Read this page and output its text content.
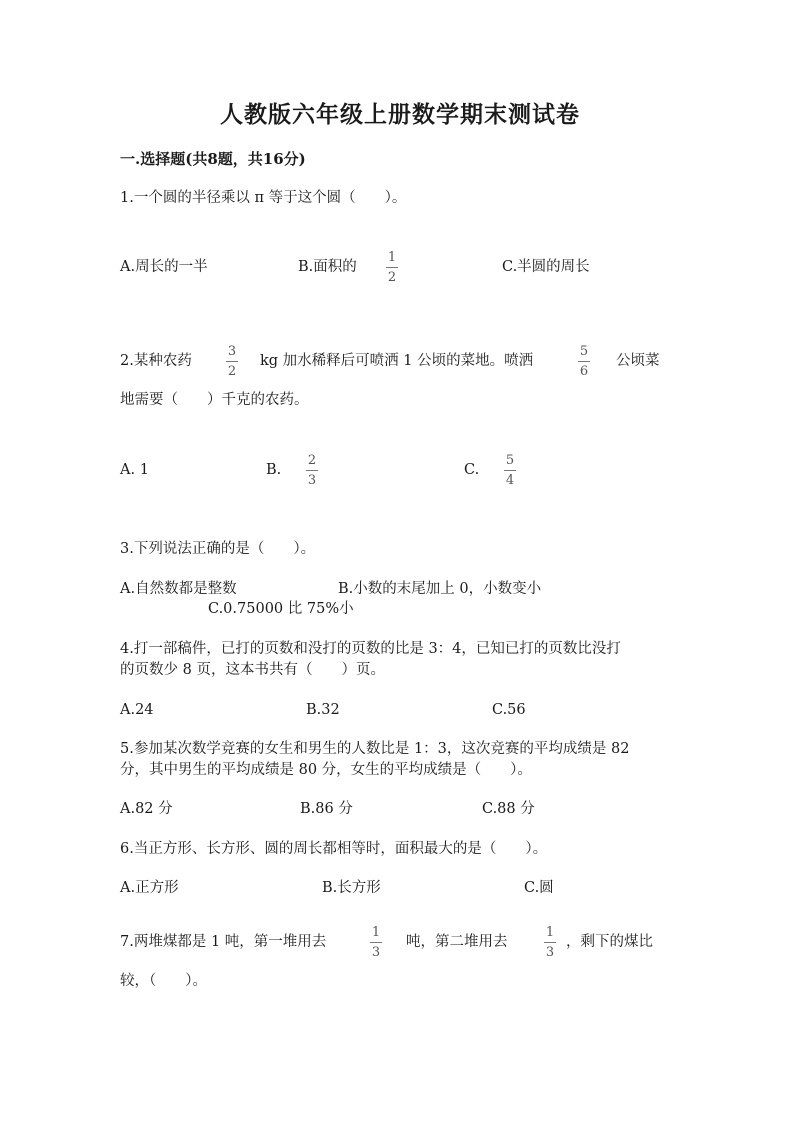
人教版六年级上册数学期末测试卷
一.选择题(共8题，共16分)
1.一个圆的半径乘以 π 等于这个圆（　　）。
A.周长的一半	B.面积的
1
2
C.半圆的周长
2.某种农药
3
2
kg 加水稀释后可喷洒 1 公顷的菜地。喷洒
5
6
公顷菜
地需要（　　）千克的农药。
A. 1	B.
2
3
C.
5
4
3.下列说法正确的是（　　）。
A.自然数都是整数	B.小数的末尾加上 0，小数变小
C.0.75000 比 75%小
4.打一部稿件，已打的页数和没打的页数的比是 3：4，已知已打的页数比没打
的页数少 8 页，这本书共有（　　）页。
A.24	B.32	C.56
5.参加某次数学竞赛的女生和男生的人数比是 1：3，这次竞赛的平均成绩是 82
分，其中男生的平均成绩是 80 分，女生的平均成绩是（　　）。
A.82 分	B.86 分	C.88 分
6.当正方形、长方形、圆的周长都相等时，面积最大的是（　　）。
A.正方形	B.长方形	C.圆
7.两堆煤都是 1 吨，第一堆用去
1
3
吨，第二堆用去
1
3
，剩下的煤比
较，（　　）。
